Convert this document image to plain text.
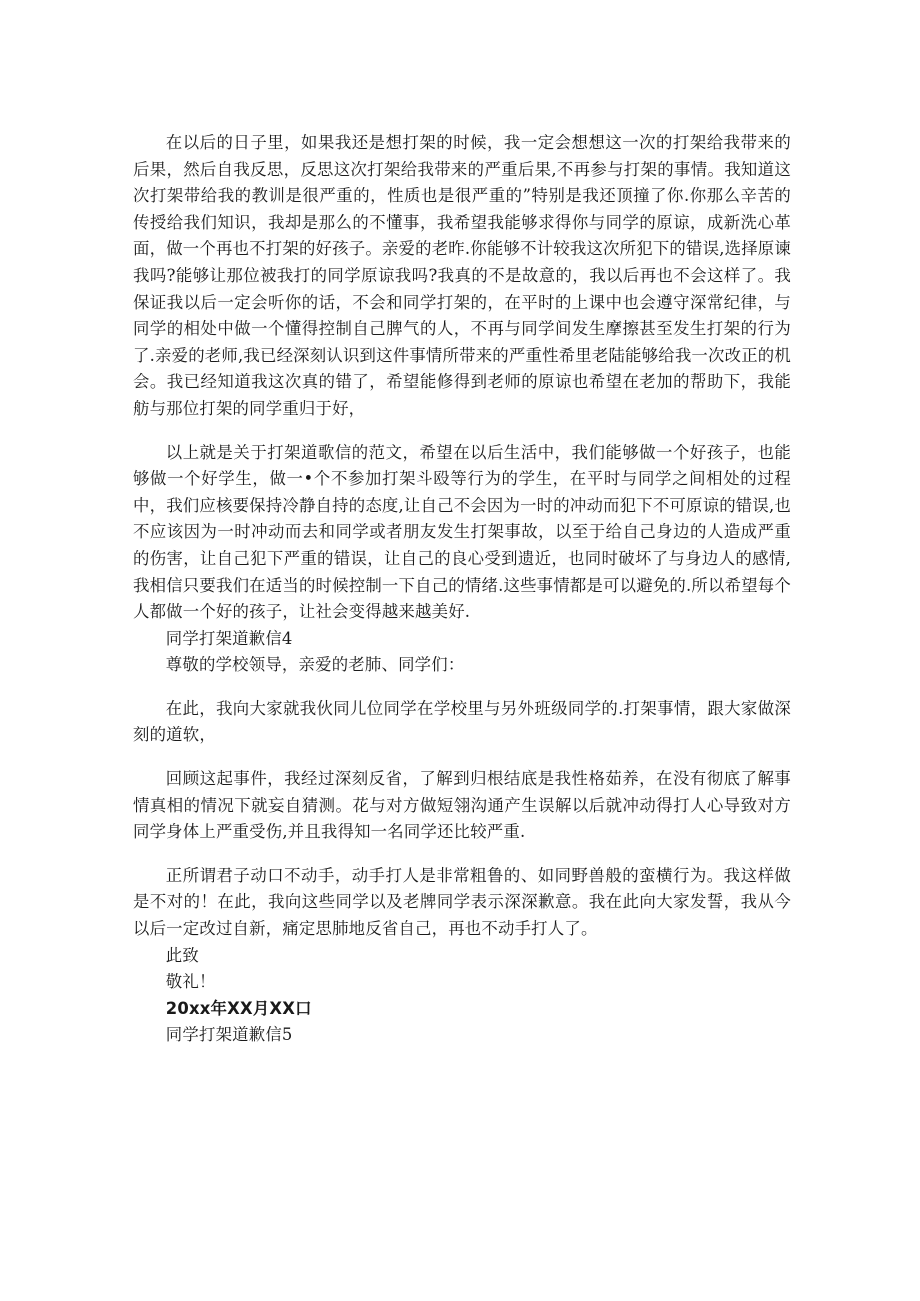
在以后的日子里，如果我还是想打架的时候，我一定会想想这一次的打架给我带来的后果，然后自我反思，反思这次打架给我带来的严重后果,不再参与打架的事情。我知道这次打架带给我的教训是很严重的，性质也是很严重的”特别是我还顶撞了你.你那么辛苦的传授给我们知识，我却是那么的不懂事，我希望我能够求得你与同学的原谅，成新洗心革面，做一个再也不打架的好孩子。亲爱的老昨.你能够不计较我这次所犯下的错误,选择原谏我吗?能够让那位被我打的同学原谅我吗?我真的不是故意的，我以后再也不会这样了。我保证我以后一定会听你的话，不会和同学打架的，在平时的上课中也会遵守深常纪律，与同学的相处中做一个懂得控制自己脾气的人，不再与同学间发生摩擦甚至发生打架的行为了.亲爱的老师,我已经深刻认识到这件事情所带来的严重性希里老陆能够给我一次改正的机会。我已经知道我这次真的错了，希望能修得到老师的原谅也希望在老加的帮助下，我能舫与那位打架的同学重归于好，

以上就是关于打架道歌信的范文，希望在以后生活中，我们能够做一个好孩子，也能够做一个好学生，做一•个不参加打架斗殴等行为的学生，在平时与同学之间相处的过程中，我们应核要保持冷静自持的态度,让自己不会因为一时的冲动而犯下不可原谅的错误,也不应该因为一时冲动而去和同学或者朋友发生打架事故，以至于给自己身边的人造成严重的伤害，让自己犯下严重的错误，让自己的良心受到遗近，也同时破坏了与身边人的感情,我相信只要我们在适当的时候控制一下自己的情绪.这些事情都是可以避免的.所以希望每个人都做一个好的孩子，让社会变得越来越美好.

同学打架道歉信4

尊敬的学校领导，亲爱的老肺、同学们：

在此，我向大家就我伙同儿位同学在学校里与另外班级同学的.打架事情，跟大家做深刻的道软，

回顾这起事件，我经过深刻反省，了解到归根结底是我性格茹养，在没有彻底了解事情真相的情况下就妄自猜测。花与对方做短翎沟通产生误解以后就冲动得打人心导致对方同学身体上严重受伤,并且我得知一名同学还比较严重.

正所谓君子动口不动手，动手打人是非常粗鲁的、如同野兽般的蛮横行为。我这样做是不对的！在此，我向这些同学以及老牌同学表示深深歉意。我在此向大家发誓，我从今以后一定改过自新，痛定思肺地反省自己，再也不动手打人了。

此致

敬礼！

20xx年XX月XX口

同学打架道歉信5
